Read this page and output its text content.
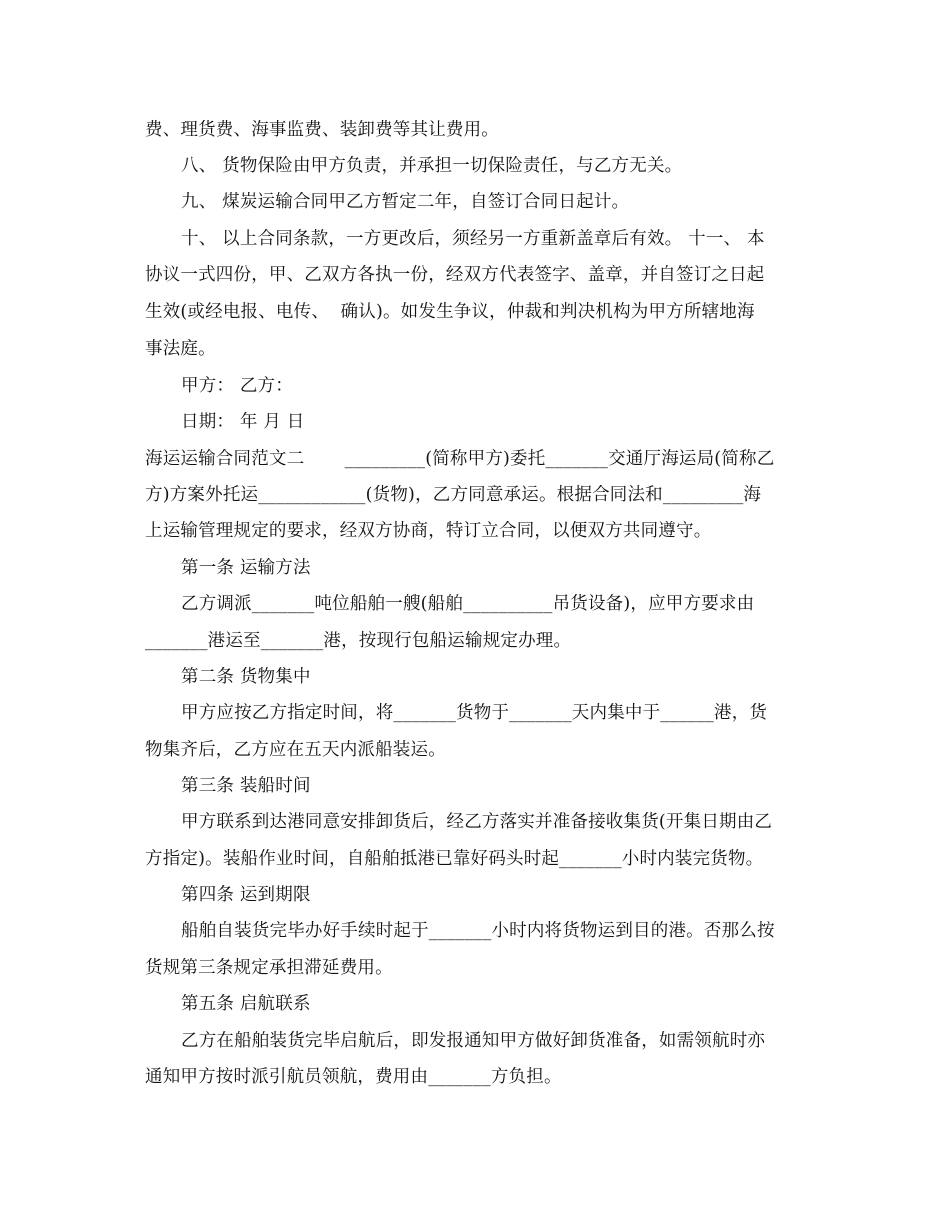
费、理货费、海事监费、装卸费等其让费用。
八、 货物保险由甲方负责，并承担一切保险责任，与乙方无关。
九、 煤炭运输合同甲乙方暂定二年，自签订合同日起计。
十、 以上合同条款，一方更改后，须经另一方重新盖章后有效。 十一、 本
协议一式四份，甲、乙双方各执一份，经双方代表签字、盖章，并自签订之日起
生效(或经电报、电传、  确认)。如发生争议，仲裁和判决机构为甲方所辖地海
事法庭。
甲方： 乙方：
日期： 年 月 日
海运运输合同范文二       _________(简称甲方)委托_______交通厅海运局(简称乙
方)方案外托运____________(货物)，乙方同意承运。根据合同法和_________海
上运输管理规定的要求，经双方协商，特订立合同，以便双方共同遵守。
第一条 运输方法
乙方调派_______吨位船舶一艘(船舶__________吊货设备)，应甲方要求由
_______港运至_______港，按现行包船运输规定办理。
第二条 货物集中
甲方应按乙方指定时间，将_______货物于_______天内集中于______港，货
物集齐后，乙方应在五天内派船装运。
第三条 装船时间
甲方联系到达港同意安排卸货后，经乙方落实并准备接收集货(开集日期由乙
方指定)。装船作业时间，自船舶抵港已靠好码头时起_______小时内装完货物。
第四条 运到期限
船舶自装货完毕办好手续时起于_______小时内将货物运到目的港。否那么按
货规第三条规定承担滞延费用。
第五条 启航联系
乙方在船舶装货完毕启航后，即发报通知甲方做好卸货准备，如需领航时亦
通知甲方按时派引航员领航，费用由_______方负担。
